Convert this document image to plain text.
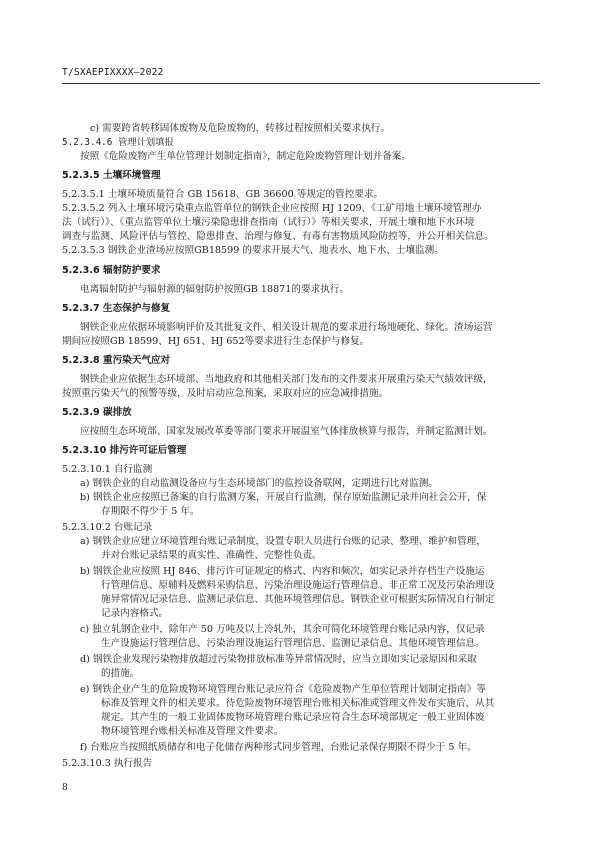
T/SXAEPIXXXX—2022
c) 需要跨省转移固体废物及危险废物的，转移过程按照相关要求执行。
5.2.3.4.6 管理计划填报
按照《危险废物产生单位管理计划制定指南》，制定危险废物管理计划并备案。
5.2.3.5 土壤环境管理
5.2.3.5.1 土壤环境质量符合 GB 15618、GB 36600 等规定的管控要求。
5.2.3.5.2 列入土壤环境污染重点监管单位的钢铁企业应按照 HJ 1209、《工矿用地土壤环境管理办
法（试行）》、《重点监管单位土壤污染隐患排查指南（试行）》等相关要求，开展土壤和地下水环境
调查与监测、风险评估与管控、隐患排查、治理与修复、有毒有害物质风险防控等，并公开相关信息。
5.2.3.5.3 钢铁企业渣场应按照GB18599 的要求开展大气、地表水、地下水、土壤监测。
5.2.3.6 辐射防护要求
电离辐射防护与辐射源的辐射防护按照GB 18871的要求执行。
5.2.3.7 生态保护与修复
钢铁企业应依据环境影响评价及其批复文件、相关设计规范的要求进行场地硬化、绿化。渣场运营
期间应按照GB 18599、HJ 651、HJ 652等要求进行生态保护与修复。
5.2.3.8 重污染天气应对
钢铁企业应依据生态环境部、当地政府和其他相关部门发布的文件要求开展重污染天气绩效评级，
按照重污染天气的预警等级，及时启动应急预案，采取对应的应急减排措施。
5.2.3.9 碳排放
应按照生态环境部、国家发展改革委等部门要求开展温室气体排放核算与报告，并制定监测计划。
5.2.3.10 排污许可证后管理
5.2.3.10.1 自行监测
a) 钢铁企业的自动监测设备应与生态环境部门的监控设备联网，定期进行比对监测。
b) 钢铁企业应按照已备案的自行监测方案，开展自行监测，保存原始监测记录并向社会公开，保
存期限不得少于 5 年。
5.2.3.10.2 台账记录
a) 钢铁企业应建立环境管理台账记录制度，设置专职人员进行台账的记录、整理、维护和管理，
并对台账记录结果的真实性、准确性、完整性负责。
b) 钢铁企业应按照 HJ 846、排污许可证规定的格式、内容和频次，如实记录并存档生产设施运
行管理信息、原辅料及燃料采购信息、污染治理设施运行管理信息、非正常工况及污染治理设
施异常情况记录信息、监测记录信息、其他环境管理信息。钢铁企业可根据实际情况自行制定
记录内容格式。
c) 独立轧钢企业中，除年产 50 万吨及以上冷轧外，其余可简化环境管理台账记录内容，仅记录
生产设施运行管理信息、污染治理设施运行管理信息、监测记录信息、其他环境管理信息。
d) 钢铁企业发现污染物排放超过污染物排放标准等异常情况时，应当立即如实记录原因和采取
的措施。
e) 钢铁企业产生的危险废物环境管理台账记录应符合《危险废物产生单位管理计划制定指南》等
标准及管理文件的相关要求。待危险废物环境管理台账相关标准或管理文件发布实施后，从其
规定。其产生的一般工业固体废物环境管理台账记录应符合生态环境部规定一般工业固体废
物环境管理台账相关标准及管理文件要求。
f) 台账应当按照纸质储存和电子化储存两种形式同步管理，台账记录保存期限不得少于 5 年。
5.2.3.10.3 执行报告
8
